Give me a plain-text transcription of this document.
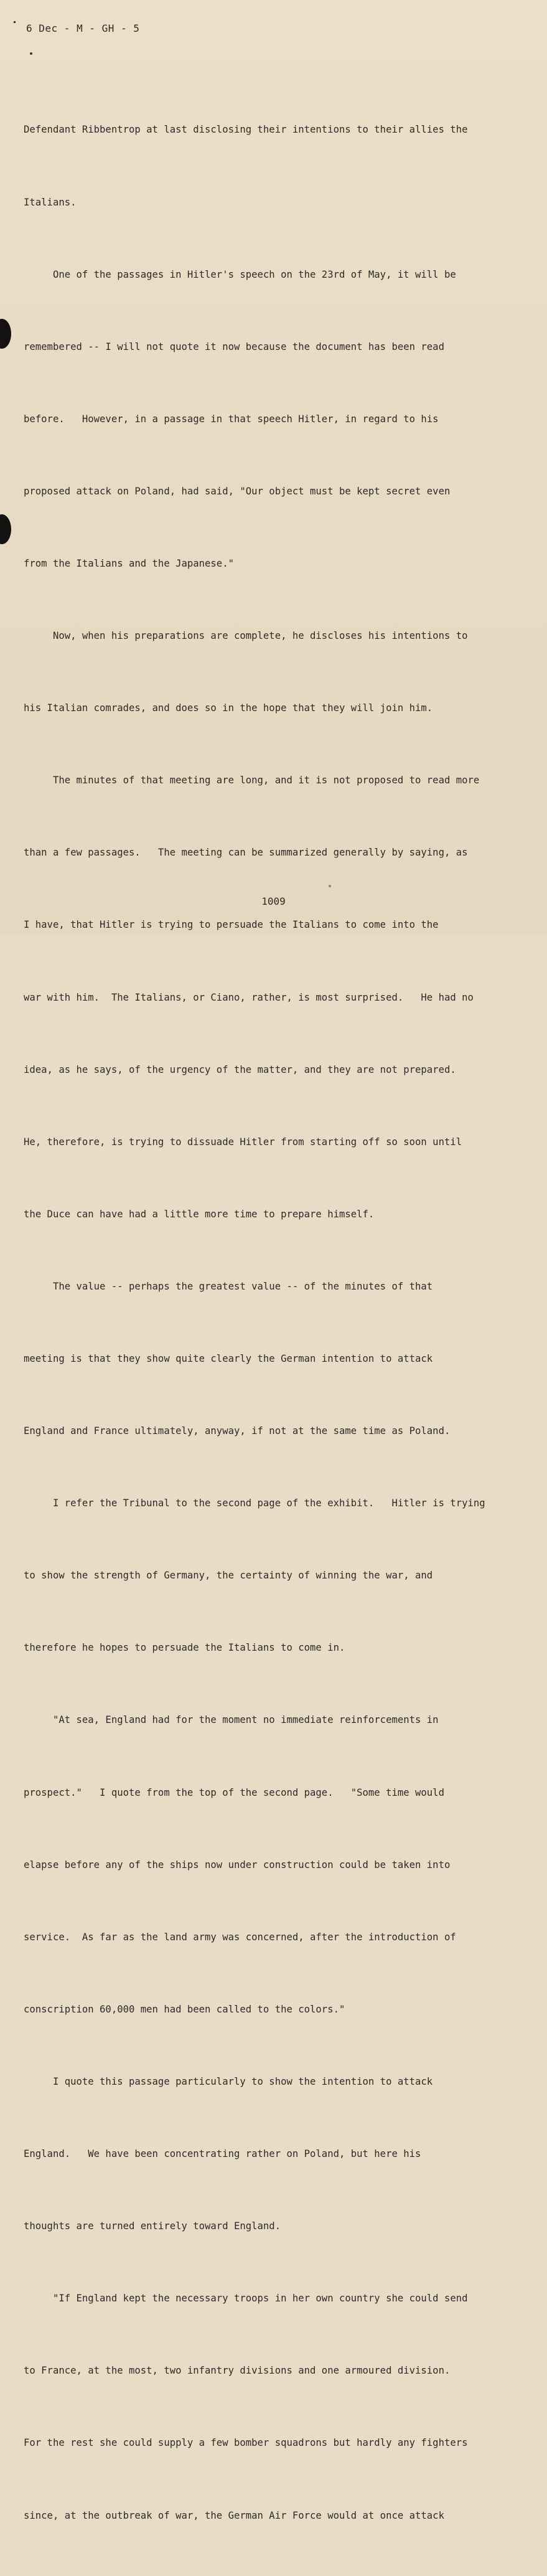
6 Dec - M - GH - 5

Defendant Ribbentrop at last disclosing their intentions to their allies the

Italians.

One of the passages in Hitler's speech on the 23rd of May, it will be

remembered -- I will not quote it now because the document has been read

before.   However, in a passage in that speech Hitler, in regard to his

proposed attack on Poland, had said, "Our object must be kept secret even

from the Italians and the Japanese."

Now, when his preparations are complete, he discloses his intentions to

his Italian comrades, and does so in the hope that they will join him.

The minutes of that meeting are long, and it is not proposed to read more

than a few passages.   The meeting can be summarized generally by saying, as

I have, that Hitler is trying to persuade the Italians to come into the

war with him.  The Italians, or Ciano, rather, is most surprised.   He had no

idea, as he says, of the urgency of the matter, and they are not prepared.

He, therefore, is trying to dissuade Hitler from starting off so soon until

the Duce can have had a little more time to prepare himself.

The value -- perhaps the greatest value -- of the minutes of that

meeting is that they show quite clearly the German intention to attack

England and France ultimately, anyway, if not at the same time as Poland.

I refer the Tribunal to the second page of the exhibit.   Hitler is trying

to show the strength of Germany, the certainty of winning the war, and

therefore he hopes to persuade the Italians to come in.

"At sea, England had for the moment no immediate reinforcements in

prospect."   I quote from the top of the second page.   "Some time would

elapse before any of the ships now under construction could be taken into

service.  As far as the land army was concerned, after the introduction of

conscription 60,000 men had been called to the colors."

I quote this passage particularly to show the intention to attack

England.   We have been concentrating rather on Poland, but here his

thoughts are turned entirely toward England.

"If England kept the necessary troops in her own country she could send

to France, at the most, two infantry divisions and one armoured division.

For the rest she could supply a few bomber squadrons but hardly any fighters

since, at the outbreak of war, the German Air Force would at once attack

1009
